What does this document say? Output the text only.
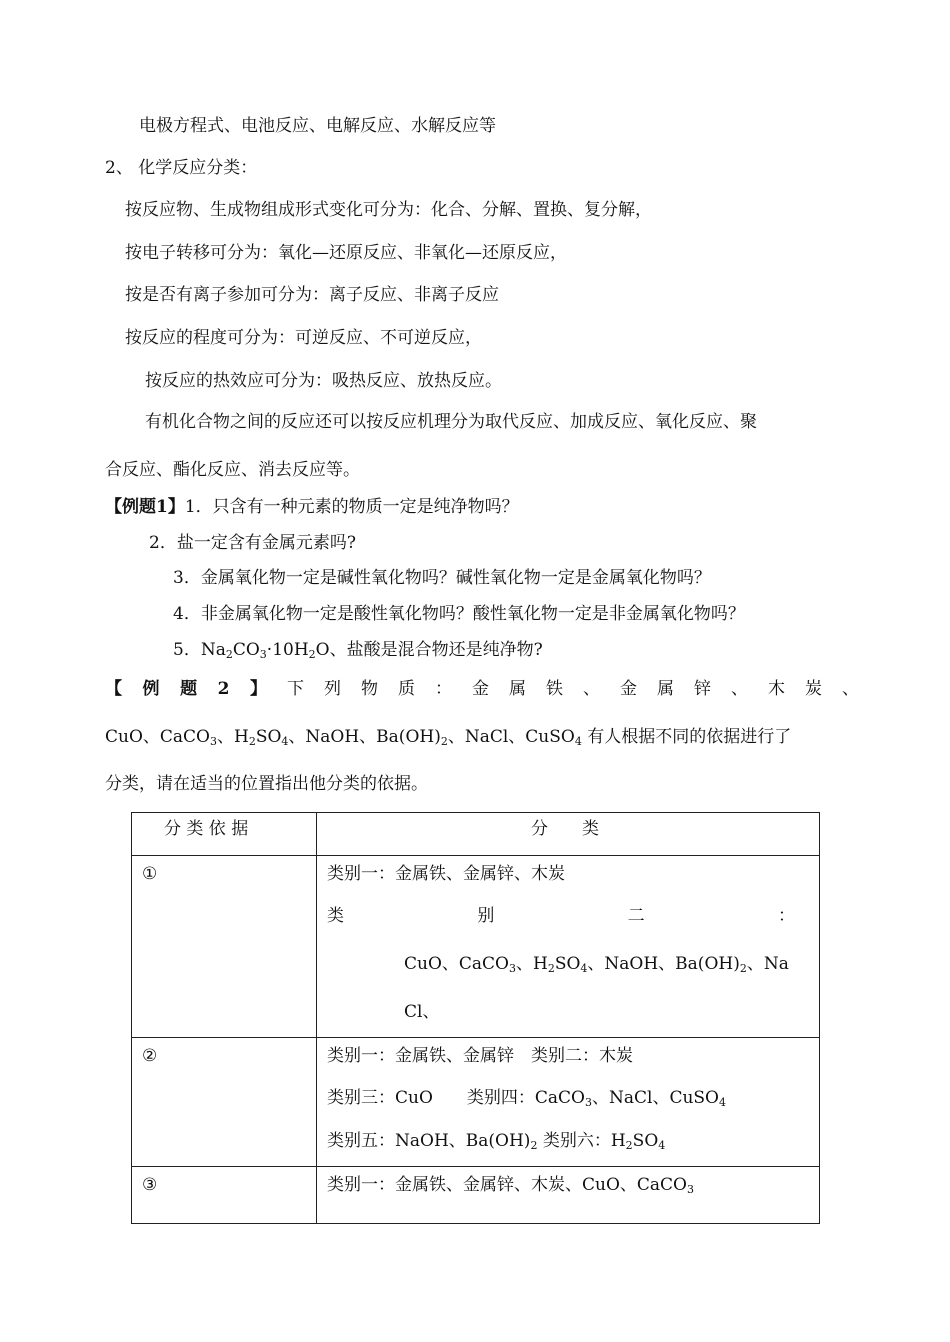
电极方程式、电池反应、电解反应、水解反应等
2、 化学反应分类：
按反应物、生成物组成形式变化可分为：化合、分解、置换、复分解，
按电子转移可分为：氧化—还原反应、非氧化—还原反应，
按是否有离子参加可分为：离子反应、非离子反应
按反应的程度可分为：可逆反应、不可逆反应，
按反应的热效应可分为：吸热反应、放热反应。
有机化合物之间的反应还可以按反应机理分为取代反应、加成反应、氧化反应、聚
合反应、酯化反应、消去反应等。
【例题1】1．只含有一种元素的物质一定是纯净物吗？
2．盐一定含有金属元素吗?
3．金属氧化物一定是碱性氧化物吗？碱性氧化物一定是金属氧化物吗？
4．非金属氧化物一定是酸性氧化物吗？酸性氧化物一定是非金属氧化物吗？
5．$Na_2CO_3\cdot 10H_2O$、盐酸是混合物还是纯净物?
【例题2】 下列物质：金属铁、金属锌、木炭、
CuO、CaCO$_3$、$H_2SO_4$、NaOH、$Ba(OH)_2$、NaCl、CuSO$_4$ 有人根据不同的依据进行了
分类，请在适当的位置指出他分类的依据。
分 类 依 据	分　　类

①	类别一：金属铁、金属锌、木炭
类别二：
CuO、CaCO$_3$、$H_2SO_4$、NaOH、$Ba(OH)_2$、Na
Cl、

②	类别一：金属铁、金属锌　类别二：木炭
类别三：CuO　　类别四：CaCO$_3$、NaCl、CuSO$_4$
类别五：NaOH、$Ba(OH)_2$ 类别六：$H_2SO_4$

③	类别一：金属铁、金属锌、木炭、CuO、CaCO$_3$
